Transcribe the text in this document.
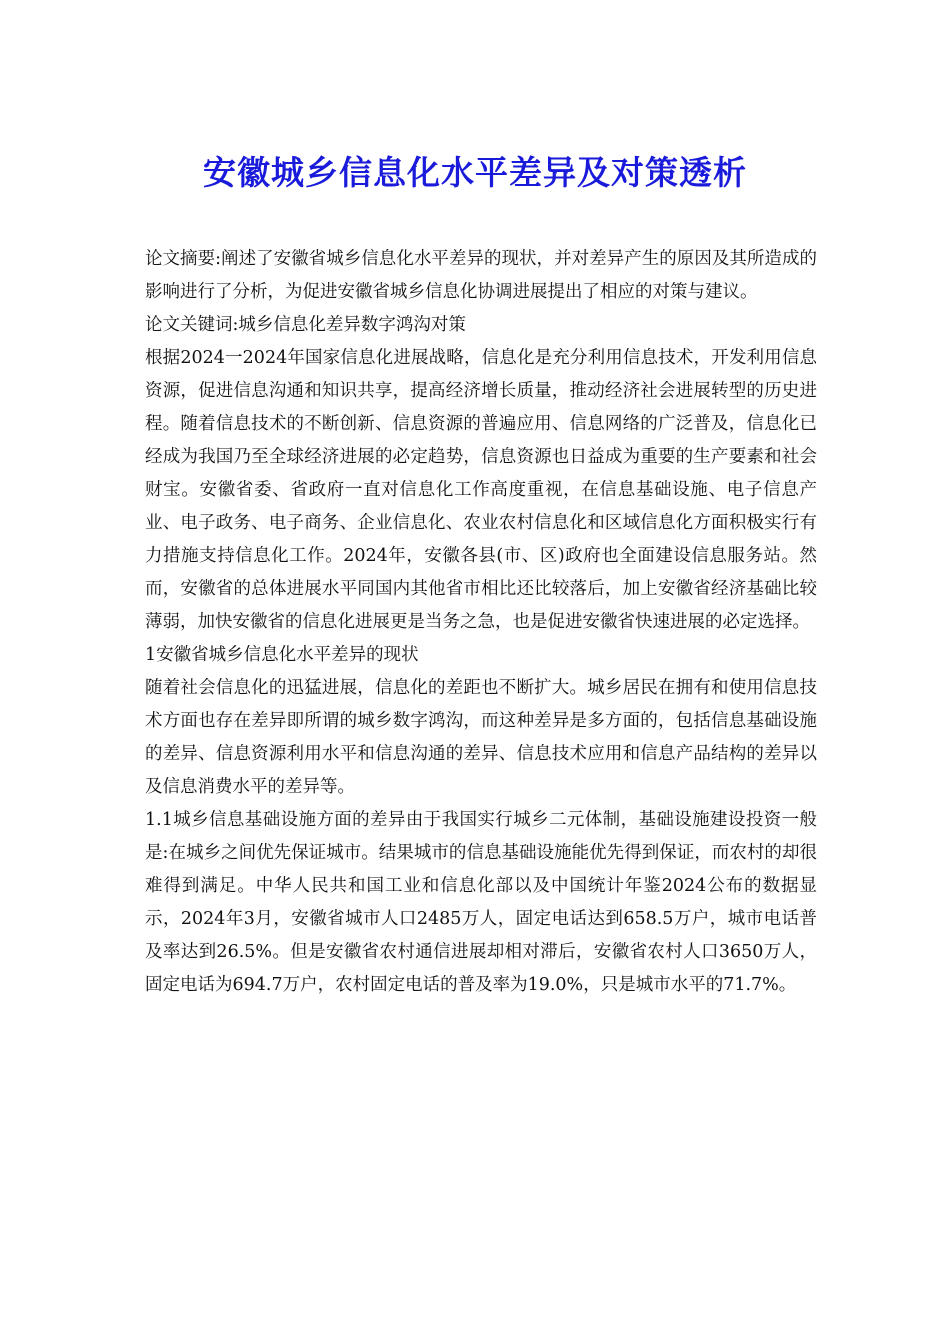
安徽城乡信息化水平差异及对策透析

论文摘要:阐述了安徽省城乡信息化水平差异的现状，并对差异产生的原因及其所造成的影响进行了分析，为促进安徽省城乡信息化协调进展提出了相应的对策与建议。

论文关键词:城乡信息化差异数字鸿沟对策

根据2024一2024年国家信息化进展战略，信息化是充分利用信息技术，开发利用信息资源，促进信息沟通和知识共享，提高经济增长质量，推动经济社会进展转型的历史进程。随着信息技术的不断创新、信息资源的普遍应用、信息网络的广泛普及，信息化已经成为我国乃至全球经济进展的必定趋势，信息资源也日益成为重要的生产要素和社会财宝。安徽省委、省政府一直对信息化工作高度重视，在信息基础设施、电子信息产业、电子政务、电子商务、企业信息化、农业农村信息化和区域信息化方面积极实行有力措施支持信息化工作。2024年，安徽各县(市、区)政府也全面建设信息服务站。然而，安徽省的总体进展水平同国内其他省市相比还比较落后，加上安徽省经济基础比较薄弱，加快安徽省的信息化进展更是当务之急，也是促进安徽省快速进展的必定选择。

1安徽省城乡信息化水平差异的现状

随着社会信息化的迅猛进展，信息化的差距也不断扩大。城乡居民在拥有和使用信息技术方面也存在差异即所谓的城乡数字鸿沟，而这种差异是多方面的，包括信息基础设施的差异、信息资源利用水平和信息沟通的差异、信息技术应用和信息产品结构的差异以及信息消费水平的差异等。

1.1城乡信息基础设施方面的差异由于我国实行城乡二元体制，基础设施建设投资一般是:在城乡之间优先保证城市。结果城市的信息基础设施能优先得到保证，而农村的却很难得到满足。中华人民共和国工业和信息化部以及中国统计年鉴2024公布的数据显示，2024年3月，安徽省城市人口2485万人，固定电话达到658.5万户，城市电话普及率达到26.5%。但是安徽省农村通信进展却相对滞后，安徽省农村人口3650万人，固定电话为694.7万户，农村固定电话的普及率为19.0%，只是城市水平的71.7%。
